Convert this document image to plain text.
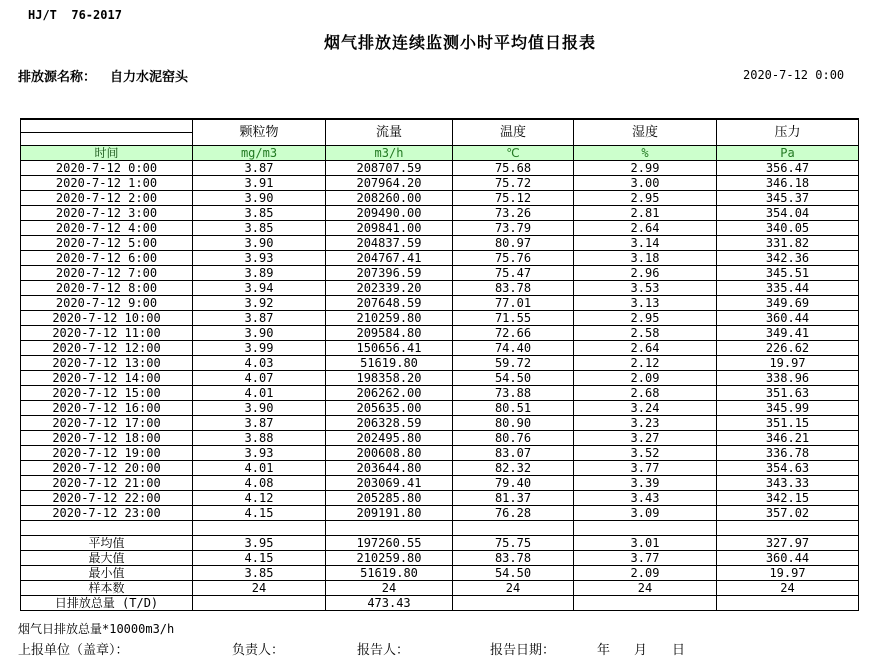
HJ/T  76-2017
烟气排放连续监测小时平均值日报表
排放源名称： 自力水泥窑头	2020-7-12 0:00
	颗粒物	流量	温度	湿度	压力

时间	mg/m3	m3/h	℃	%	Pa
2020-7-12 0:00	3.87	208707.59	75.68	2.99	356.47
2020-7-12 1:00	3.91	207964.20	75.72	3.00	346.18
2020-7-12 2:00	3.90	208260.00	75.12	2.95	345.37
2020-7-12 3:00	3.85	209490.00	73.26	2.81	354.04
2020-7-12 4:00	3.85	209841.00	73.79	2.64	340.05
2020-7-12 5:00	3.90	204837.59	80.97	3.14	331.82
2020-7-12 6:00	3.93	204767.41	75.76	3.18	342.36
2020-7-12 7:00	3.89	207396.59	75.47	2.96	345.51
2020-7-12 8:00	3.94	202339.20	83.78	3.53	335.44
2020-7-12 9:00	3.92	207648.59	77.01	3.13	349.69
2020-7-12 10:00	3.87	210259.80	71.55	2.95	360.44
2020-7-12 11:00	3.90	209584.80	72.66	2.58	349.41
2020-7-12 12:00	3.99	150656.41	74.40	2.64	226.62
2020-7-12 13:00	4.03	51619.80	59.72	2.12	19.97
2020-7-12 14:00	4.07	198358.20	54.50	2.09	338.96
2020-7-12 15:00	4.01	206262.00	73.88	2.68	351.63
2020-7-12 16:00	3.90	205635.00	80.51	3.24	345.99
2020-7-12 17:00	3.87	206328.59	80.90	3.23	351.15
2020-7-12 18:00	3.88	202495.80	80.76	3.27	346.21
2020-7-12 19:00	3.93	200608.80	83.07	3.52	336.78
2020-7-12 20:00	4.01	203644.80	82.32	3.77	354.63
2020-7-12 21:00	4.08	203069.41	79.40	3.39	343.33
2020-7-12 22:00	4.12	205285.80	81.37	3.43	342.15
2020-7-12 23:00	4.15	209191.80	76.28	3.09	357.02

平均值	3.95	197260.55	75.75	3.01	327.97
最大值	4.15	210259.80	83.78	3.77	360.44
最小值	3.85	51619.80	54.50	2.09	19.97
样本数	24	24	24	24	24
日排放总量 (T/D)		473.43			
烟气日排放总量*10000m3/h
上报单位（盖章）：	负责人：	报告人：	报告日期：	年 月 日
